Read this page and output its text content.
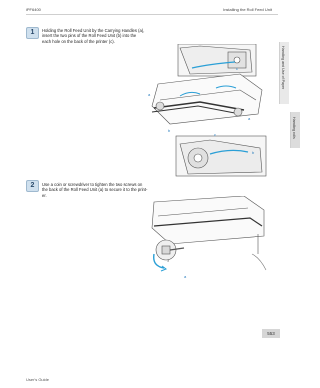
iPF6400	Installing the Roll Feed Unit
Handling and Use of Paper
Handling rolls
1	Holding the Roll Feed Unit by the Carrying Handles (a),
insert the two pins of the Roll Feed Unit (b) into the
each hole on the back of the printer (c).
a
a
b
c
c
b
2	Use a coin or screwdriver to tighten the two screws on
the back of the Roll Feed Unit (a) to secure it to the print-
er.
a
553
User's Guide
